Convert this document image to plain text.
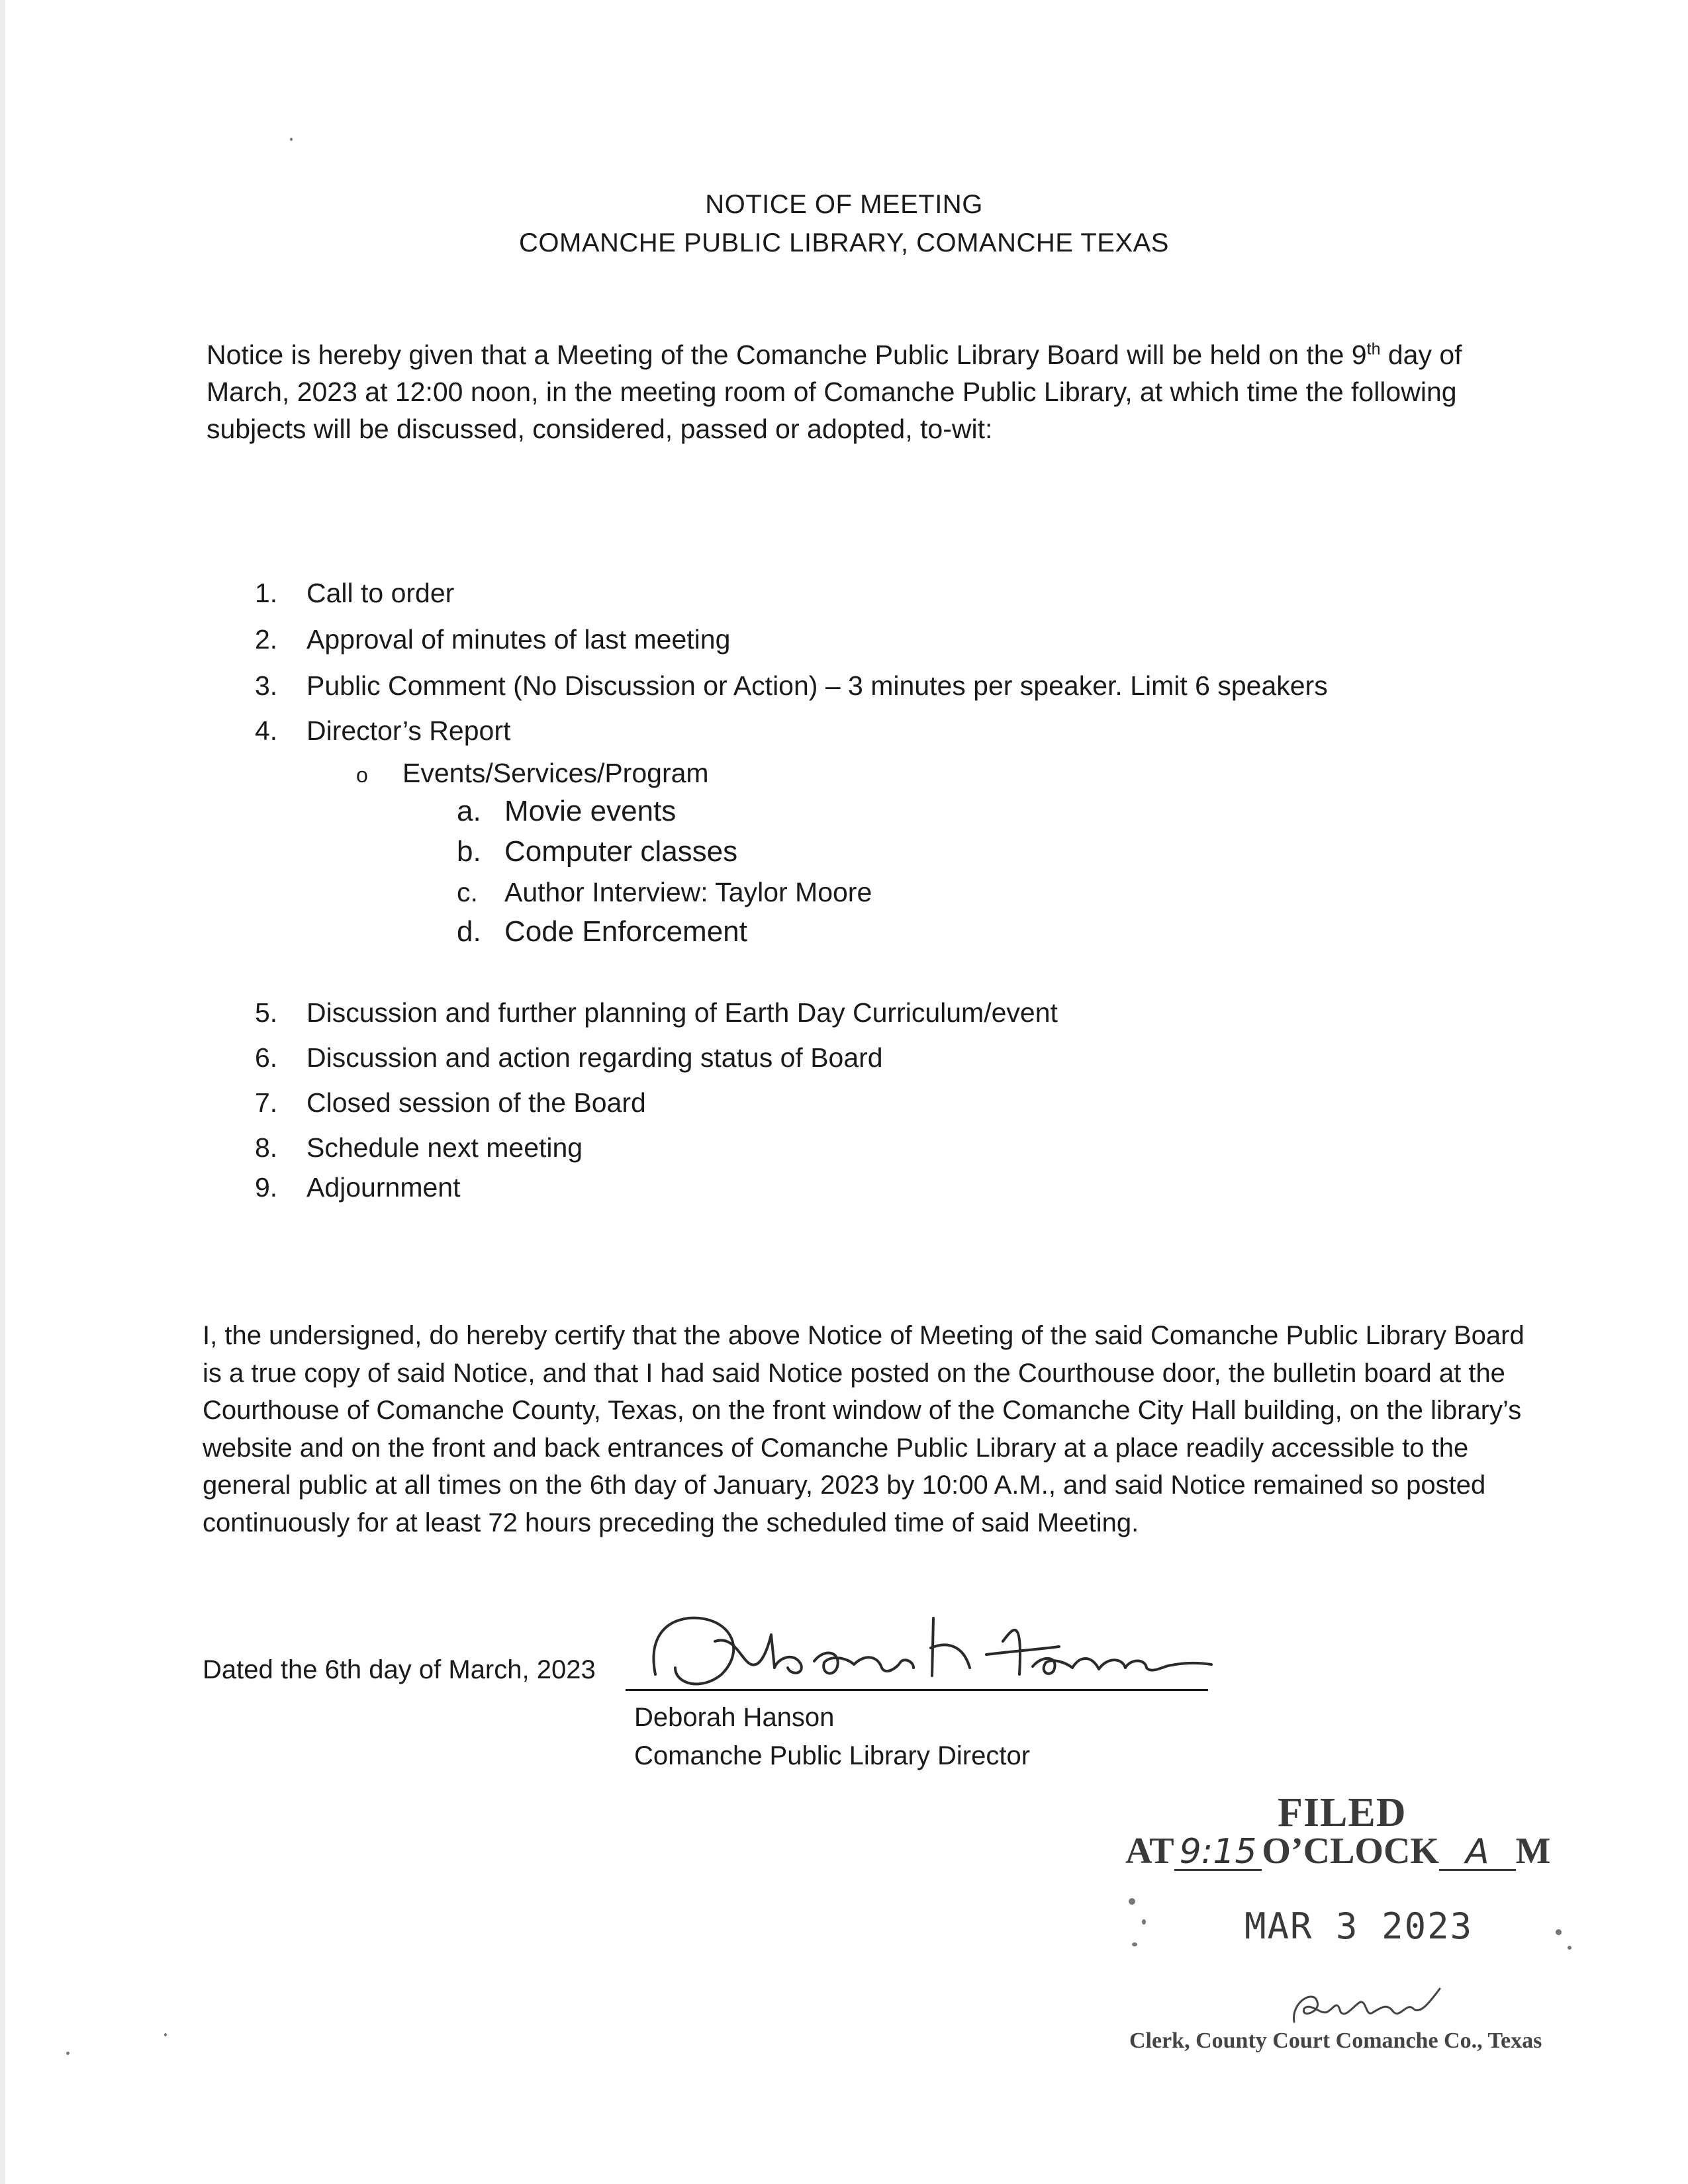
NOTICE OF MEETING
COMANCHE PUBLIC LIBRARY, COMANCHE TEXAS
Notice is hereby given that a Meeting of the Comanche Public Library Board will be held on the 9th day of March, 2023 at 12:00 noon, in the meeting room of Comanche Public Library, at which time the following subjects will be discussed, considered, passed or adopted, to-wit:
1. Call to order
2. Approval of minutes of last meeting
3. Public Comment (No Discussion or Action) – 3 minutes per speaker. Limit 6 speakers
4. Director’s Report
o Events/Services/Program
a. Movie events
b. Computer classes
c. Author Interview: Taylor Moore
d. Code Enforcement
5. Discussion and further planning of Earth Day Curriculum/event
6. Discussion and action regarding status of Board
7. Closed session of the Board
8. Schedule next meeting
9. Adjournment
I, the undersigned, do hereby certify that the above Notice of Meeting of the said Comanche Public Library Board is a true copy of said Notice, and that I had said Notice posted on the Courthouse door, the bulletin board at the Courthouse of Comanche County, Texas, on the front window of the Comanche City Hall building, on the library’s website and on the front and back entrances of Comanche Public Library at a place readily accessible to the general public at all times on the 6th day of January, 2023 by 10:00 A.M., and said Notice remained so posted continuously for at least 72 hours preceding the scheduled time of said Meeting.
Dated the 6th day of March, 2023
Deborah Hanson
Comanche Public Library Director
FILED
AT 9:15 O’CLOCK A M
MAR 3 2023
Clerk, County Court Comanche Co., Texas
